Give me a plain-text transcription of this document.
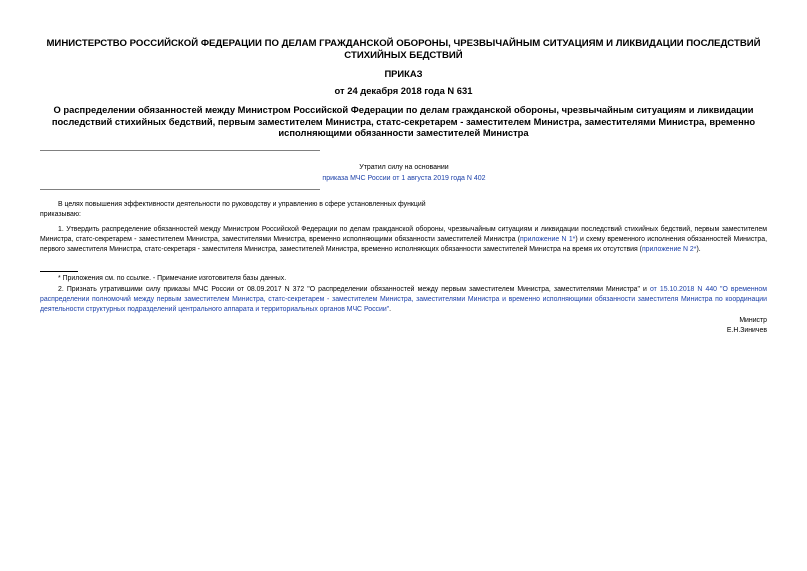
МИНИСТЕРСТВО РОССИЙСКОЙ ФЕДЕРАЦИИ ПО ДЕЛАМ ГРАЖДАНСКОЙ ОБОРОНЫ, ЧРЕЗВЫЧАЙНЫМ СИТУАЦИЯМ И ЛИКВИДАЦИИ ПОСЛЕДСТВИЙ СТИХИЙНЫХ БЕДСТВИЙ
ПРИКАЗ
от 24 декабря 2018 года N 631
О распределении обязанностей между Министром Российской Федерации по делам гражданской обороны, чрезвычайным ситуациям и ликвидации последствий стихийных бедствий, первым заместителем Министра, статс-секретарем - заместителем Министра, заместителями Министра, временно исполняющими обязанности заместителей Министра
Утратил силу на основании
приказа МЧС России от 1 августа 2019 года N 402
В целях повышения эффективности деятельности по руководству и управлению в сфере установленных функций
приказываю:
1. Утвердить распределение обязанностей между Министром Российской Федерации по делам гражданской обороны, чрезвычайным ситуациям и ликвидации последствий стихийных бедствий, первым заместителем Министра, статс-секретарем - заместителем Министра, заместителями Министра, временно исполняющими обязанности заместителей Министра (приложение N 1*) и схему временного исполнения обязанностей Министра, первого заместителя Министра, статс-секретаря - заместителя Министра, заместителей Министра, временно исполняющих обязанности заместителей Министра на время их отсутствия (приложение N 2*).
* Приложения см. по ссылке. - Примечание изготовителя базы данных.
2. Признать утратившими силу приказы МЧС России от 08.09.2017 N 372 "О распределении обязанностей между первым заместителем Министра, заместителями Министра" и от 15.10.2018 N 440 "О временном распределении полномочий между первым заместителем Министра, статс-секретарем - заместителем Министра, заместителями Министра и временно исполняющими обязанности заместителя Министра по координации деятельности структурных подразделений центрального аппарата и территориальных органов МЧС России".
Министр
Е.Н.Зиничев
